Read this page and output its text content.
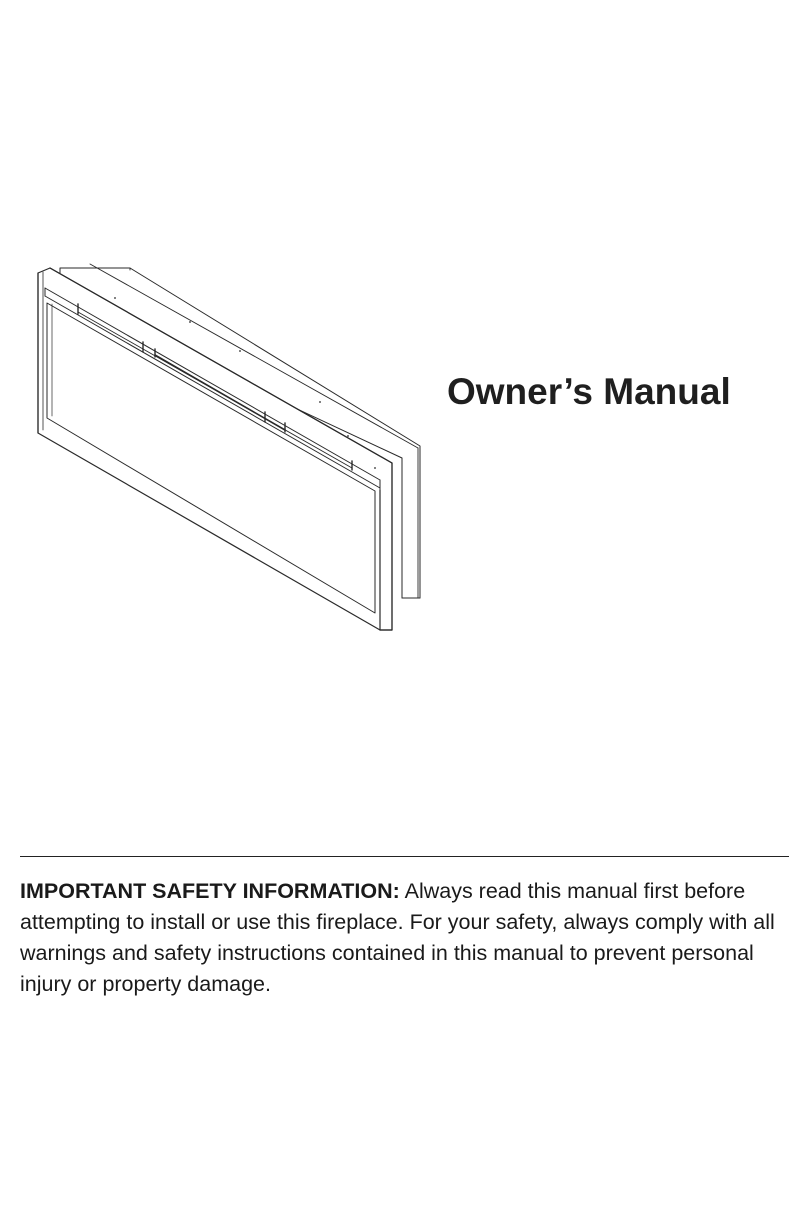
Owner’s Manual

IMPORTANT SAFETY INFORMATION: Always read this manual first before attempting to install or use this fireplace. For your safety, always comply with all warnings and safety instructions contained in this manual to prevent personal injury or property damage.
